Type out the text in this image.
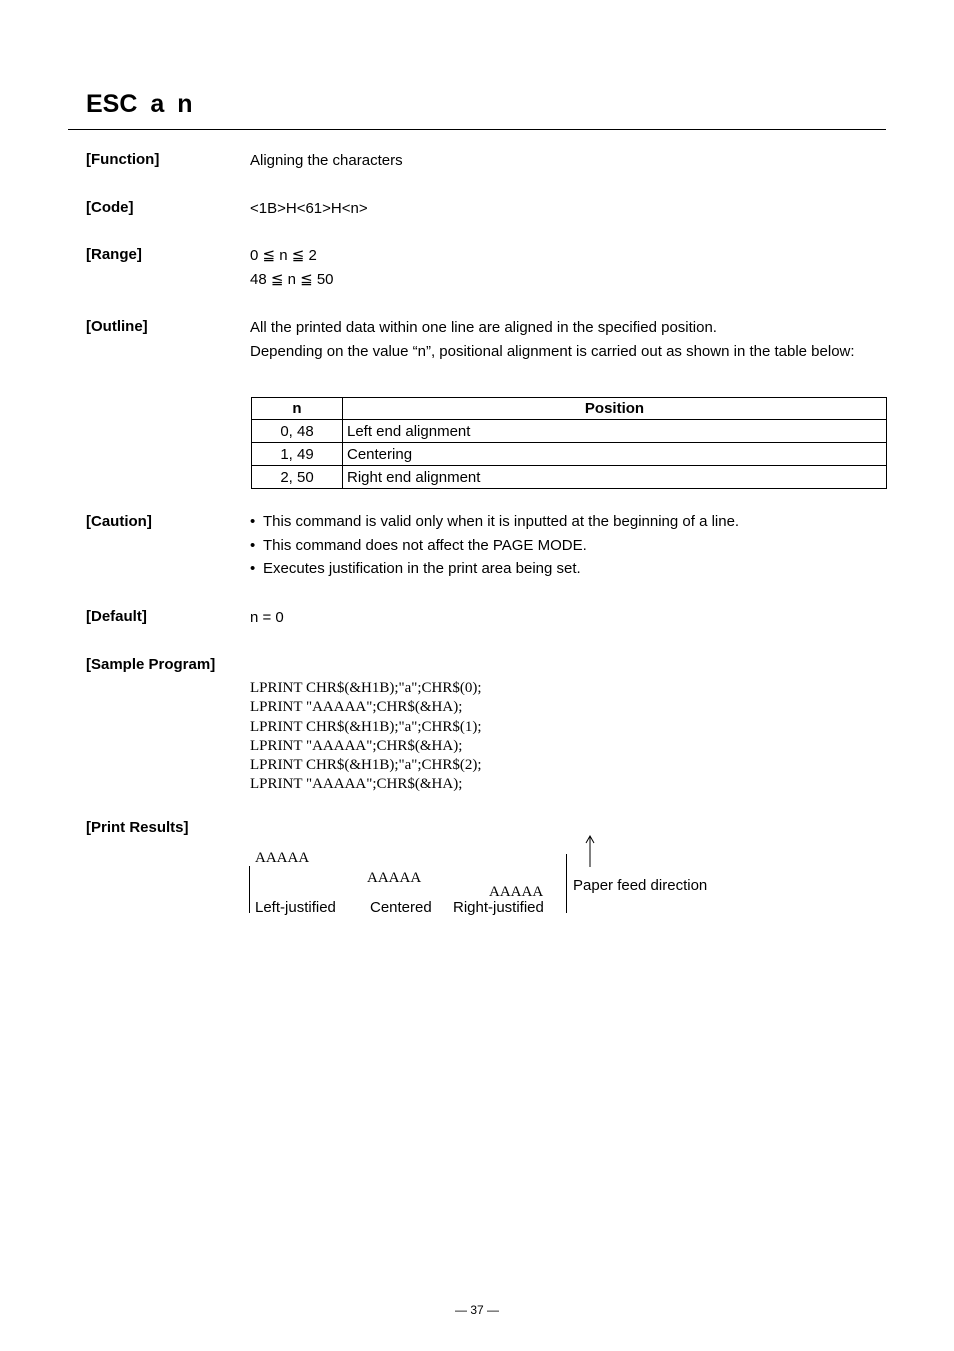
ESC a n
[Function]	Aligning the characters
[Code]	<1B>H<61>H<n>
[Range]	0 ≦ n ≦ 2
48 ≦ n ≦ 50
[Outline]	All the printed data within one line are aligned in the specified position.
Depending on the value “n”, positional alignment is carried out as shown in the table below:
n	Position
0, 48	Left end alignment
1, 49	Centering
2, 50	Right end alignment
[Caution]	• This command is valid only when it is inputted at the beginning of a line.
• This command does not affect the PAGE MODE.
• Executes justification in the print area being set.
[Default]	n = 0
[Sample Program]
LPRINT CHR$(&H1B);"a";CHR$(0);
LPRINT "AAAAA";CHR$(&HA);
LPRINT CHR$(&H1B);"a";CHR$(1);
LPRINT "AAAAA";CHR$(&HA);
LPRINT CHR$(&H1B);"a";CHR$(2);
LPRINT "AAAAA";CHR$(&HA);
[Print Results]
AAAAA
AAAAA
AAAAA
Left-justified Centered Right-justified
Paper feed direction
— 37 —
